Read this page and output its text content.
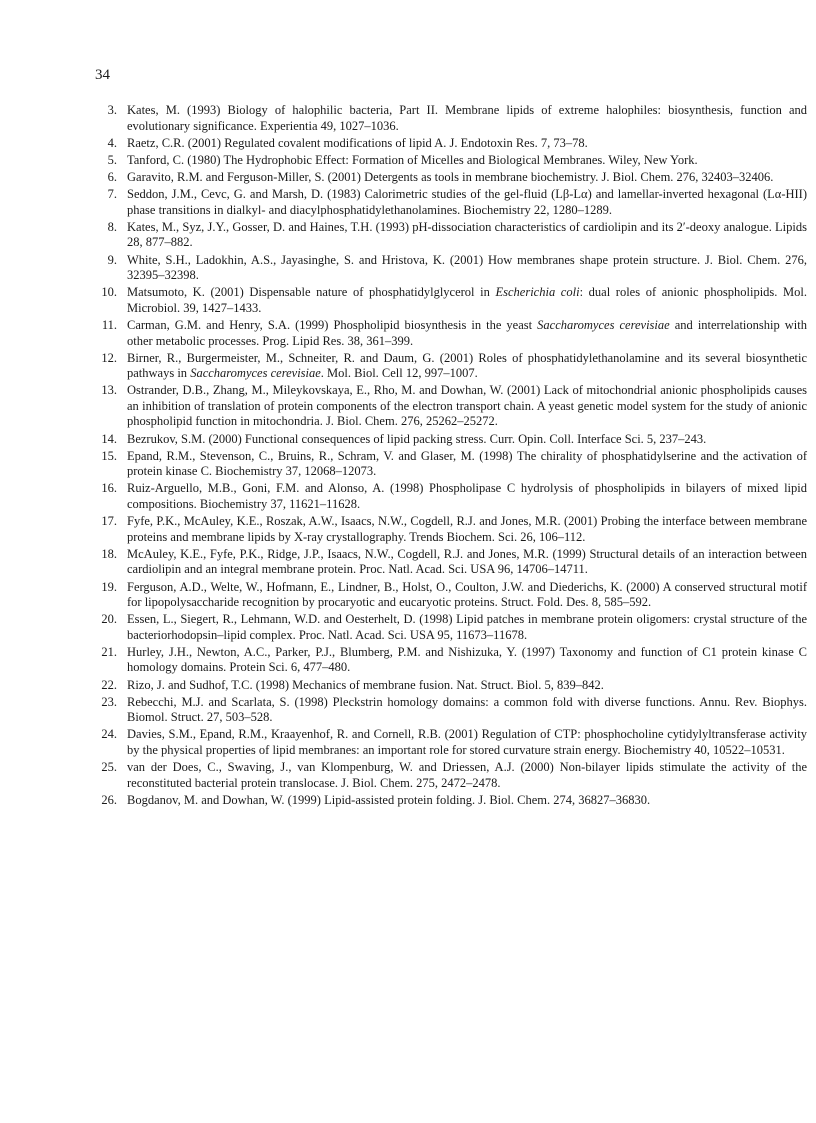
34
3. Kates, M. (1993) Biology of halophilic bacteria, Part II. Membrane lipids of extreme halophiles: biosynthesis, function and evolutionary significance. Experientia 49, 1027–1036.
4. Raetz, C.R. (2001) Regulated covalent modifications of lipid A. J. Endotoxin Res. 7, 73–78.
5. Tanford, C. (1980) The Hydrophobic Effect: Formation of Micelles and Biological Membranes. Wiley, New York.
6. Garavito, R.M. and Ferguson-Miller, S. (2001) Detergents as tools in membrane biochemistry. J. Biol. Chem. 276, 32403–32406.
7. Seddon, J.M., Cevc, G. and Marsh, D. (1983) Calorimetric studies of the gel-fluid (Lβ-Lα) and lamellar-inverted hexagonal (Lα-HII) phase transitions in dialkyl- and diacylphosphatidylethanolamines. Biochemistry 22, 1280–1289.
8. Kates, M., Syz, J.Y., Gosser, D. and Haines, T.H. (1993) pH-dissociation characteristics of cardiolipin and its 2′-deoxy analogue. Lipids 28, 877–882.
9. White, S.H., Ladokhin, A.S., Jayasinghe, S. and Hristova, K. (2001) How membranes shape protein structure. J. Biol. Chem. 276, 32395–32398.
10. Matsumoto, K. (2001) Dispensable nature of phosphatidylglycerol in Escherichia coli: dual roles of anionic phospholipids. Mol. Microbiol. 39, 1427–1433.
11. Carman, G.M. and Henry, S.A. (1999) Phospholipid biosynthesis in the yeast Saccharomyces cerevisiae and interrelationship with other metabolic processes. Prog. Lipid Res. 38, 361–399.
12. Birner, R., Burgermeister, M., Schneiter, R. and Daum, G. (2001) Roles of phosphatidylethanolamine and its several biosynthetic pathways in Saccharomyces cerevisiae. Mol. Biol. Cell 12, 997–1007.
13. Ostrander, D.B., Zhang, M., Mileykovskaya, E., Rho, M. and Dowhan, W. (2001) Lack of mitochondrial anionic phospholipids causes an inhibition of translation of protein components of the electron transport chain. A yeast genetic model system for the study of anionic phospholipid function in mitochondria. J. Biol. Chem. 276, 25262–25272.
14. Bezrukov, S.M. (2000) Functional consequences of lipid packing stress. Curr. Opin. Coll. Interface Sci. 5, 237–243.
15. Epand, R.M., Stevenson, C., Bruins, R., Schram, V. and Glaser, M. (1998) The chirality of phosphatidylserine and the activation of protein kinase C. Biochemistry 37, 12068–12073.
16. Ruiz-Arguello, M.B., Goni, F.M. and Alonso, A. (1998) Phospholipase C hydrolysis of phospholipids in bilayers of mixed lipid compositions. Biochemistry 37, 11621–11628.
17. Fyfe, P.K., McAuley, K.E., Roszak, A.W., Isaacs, N.W., Cogdell, R.J. and Jones, M.R. (2001) Probing the interface between membrane proteins and membrane lipids by X-ray crystallography. Trends Biochem. Sci. 26, 106–112.
18. McAuley, K.E., Fyfe, P.K., Ridge, J.P., Isaacs, N.W., Cogdell, R.J. and Jones, M.R. (1999) Structural details of an interaction between cardiolipin and an integral membrane protein. Proc. Natl. Acad. Sci. USA 96, 14706–14711.
19. Ferguson, A.D., Welte, W., Hofmann, E., Lindner, B., Holst, O., Coulton, J.W. and Diederichs, K. (2000) A conserved structural motif for lipopolysaccharide recognition by procaryotic and eucaryotic proteins. Struct. Fold. Des. 8, 585–592.
20. Essen, L., Siegert, R., Lehmann, W.D. and Oesterhelt, D. (1998) Lipid patches in membrane protein oligomers: crystal structure of the bacteriorhodopsin–lipid complex. Proc. Natl. Acad. Sci. USA 95, 11673–11678.
21. Hurley, J.H., Newton, A.C., Parker, P.J., Blumberg, P.M. and Nishizuka, Y. (1997) Taxonomy and function of C1 protein kinase C homology domains. Protein Sci. 6, 477–480.
22. Rizo, J. and Sudhof, T.C. (1998) Mechanics of membrane fusion. Nat. Struct. Biol. 5, 839–842.
23. Rebecchi, M.J. and Scarlata, S. (1998) Pleckstrin homology domains: a common fold with diverse functions. Annu. Rev. Biophys. Biomol. Struct. 27, 503–528.
24. Davies, S.M., Epand, R.M., Kraayenhof, R. and Cornell, R.B. (2001) Regulation of CTP: phosphocholine cytidylyltransferase activity by the physical properties of lipid membranes: an important role for stored curvature strain energy. Biochemistry 40, 10522–10531.
25. van der Does, C., Swaving, J., van Klompenburg, W. and Driessen, A.J. (2000) Non-bilayer lipids stimulate the activity of the reconstituted bacterial protein translocase. J. Biol. Chem. 275, 2472–2478.
26. Bogdanov, M. and Dowhan, W. (1999) Lipid-assisted protein folding. J. Biol. Chem. 274, 36827–36830.
